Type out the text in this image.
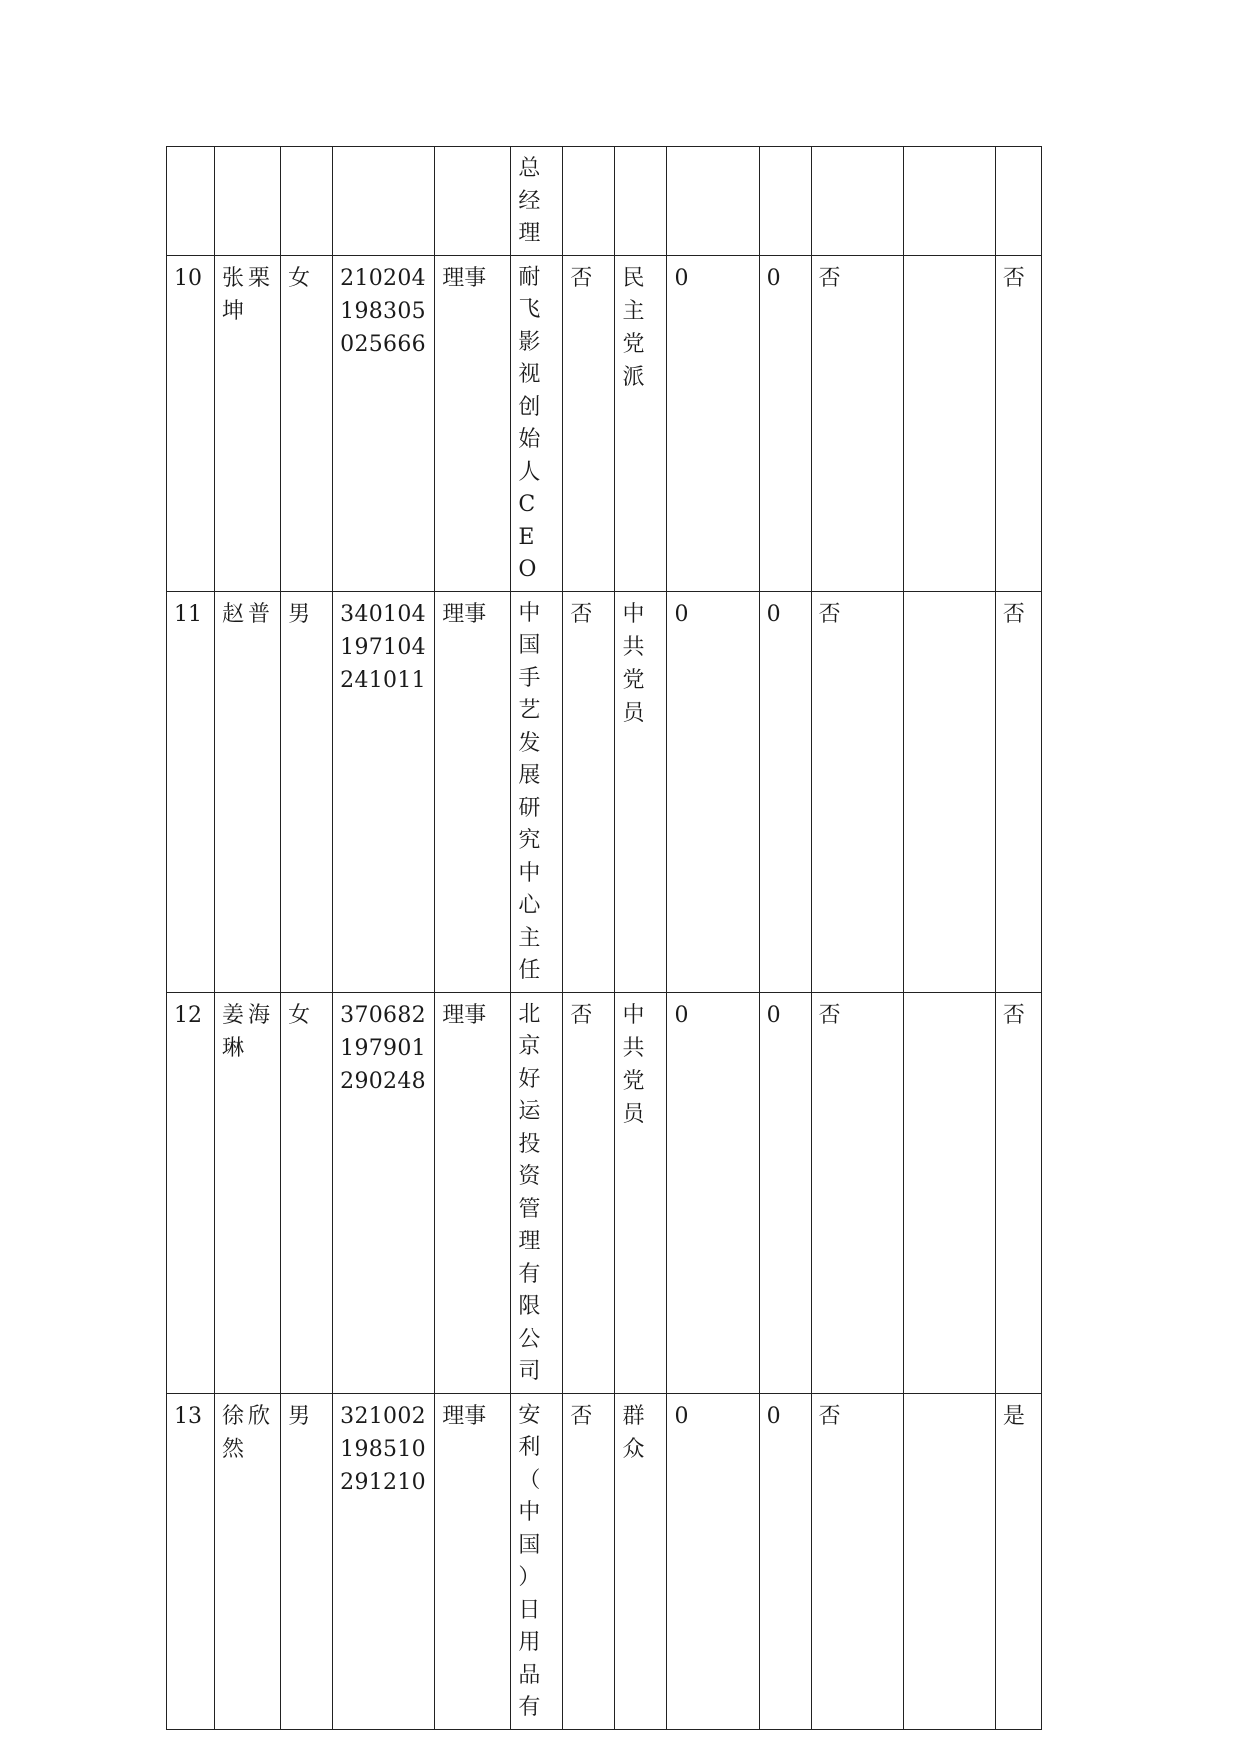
					总经理							

10	张栗坤	女	210204198305025666	理事	耐飞影视创始人CEO	否	民主党派	0	0	否		否
11	赵普	男	340104197104241011	理事	中国手艺发展研究中心主任	否	中共党员	0	0	否		否
12	姜海琳	女	370682197901290248	理事	北京好运投资管理有限公司	否	中共党员	0	0	否		否
13	徐欣然	男	321002198510291210	理事	安利（中国）日用品有	否	群众	0	0	否		是
